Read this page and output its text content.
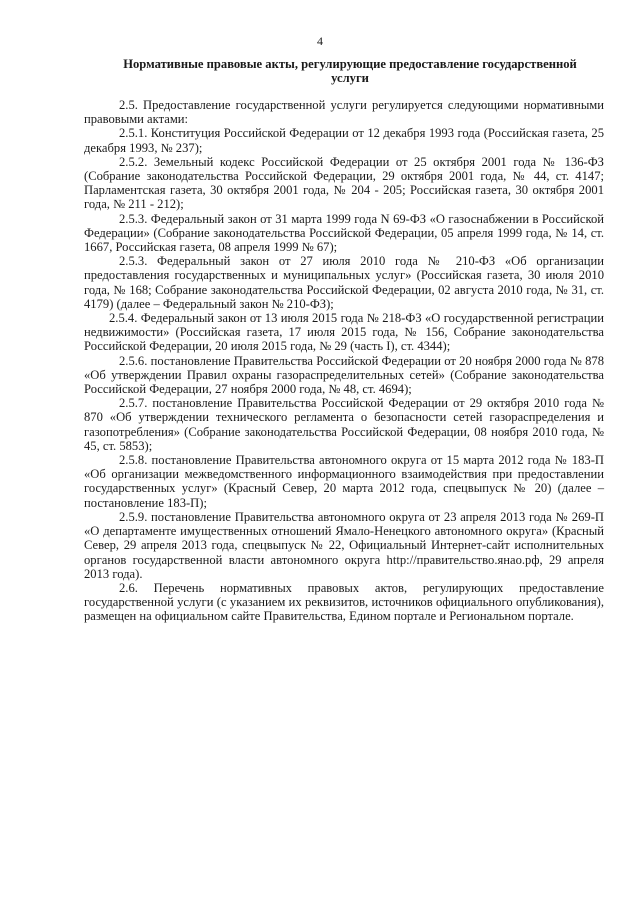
4
Нормативные правовые акты, регулирующие предоставление государственной услуги

2.5. Предоставление государственной услуги регулируется следующими нормативными правовыми актами:

2.5.1. Конституция Российской Федерации от 12 декабря 1993 года (Российская газета, 25 декабря 1993, № 237);

2.5.2. Земельный кодекс Российской Федерации от 25 октября 2001 года № 136-ФЗ (Собрание законодательства Российской Федерации, 29 октября 2001 года, № 44, ст. 4147; Парламентская газета, 30 октября 2001 года, № 204 - 205; Российская газета, 30 октября 2001 года, № 211 - 212);

2.5.3. Федеральный закон от 31 марта 1999 года N 69-ФЗ «О газоснабжении в Российской Федерации» (Собрание законодательства Российской Федерации, 05 апреля 1999 года, № 14, ст. 1667, Российская газета, 08 апреля 1999 № 67);

2.5.3. Федеральный закон от 27 июля 2010 года № 210-ФЗ «Об организации предоставления государственных и муниципальных услуг» (Российская газета, 30 июля 2010 года, № 168; Собрание законодательства Российской Федерации, 02 августа 2010 года, № 31, ст. 4179) (далее – Федеральный закон № 210-ФЗ);

2.5.4. Федеральный закон от 13 июля 2015 года № 218-ФЗ «О государственной регистрации недвижимости» (Российская газета, 17 июля 2015 года, № 156, Собрание законодательства Российской Федерации, 20 июля 2015 года, № 29 (часть I), ст. 4344);

2.5.6. постановление Правительства Российской Федерации от 20 ноября 2000 года № 878 «Об утверждении Правил охраны газораспределительных сетей» (Собрание законодательства Российской Федерации, 27 ноября 2000 года, № 48, ст. 4694);

2.5.7. постановление Правительства Российской Федерации от 29 октября 2010 года № 870 «Об утверждении технического регламента о безопасности сетей газораспределения и газопотребления» (Собрание законодательства Российской Федерации, 08 ноября 2010 года, № 45, ст. 5853);

2.5.8. постановление Правительства автономного округа от 15 марта 2012 года № 183-П «Об организации межведомственного информационного взаимодействия при предоставлении государственных услуг» (Красный Север, 20 марта 2012 года, спецвыпуск № 20) (далее – постановление 183-П);

2.5.9. постановление Правительства автономного округа от 23 апреля 2013 года № 269-П «О департаменте имущественных отношений Ямало-Ненецкого автономного округа» (Красный Север, 29 апреля 2013 года, спецвыпуск № 22, Официальный Интернет-сайт исполнительных органов государственной власти автономного округа http://правительство.янао.рф, 29 апреля 2013 года).

2.6. Перечень нормативных правовых актов, регулирующих предоставление государственной услуги (с указанием их реквизитов, источников официального опубликования), размещен на официальном сайте Правительства, Едином портале и Региональном портале.
